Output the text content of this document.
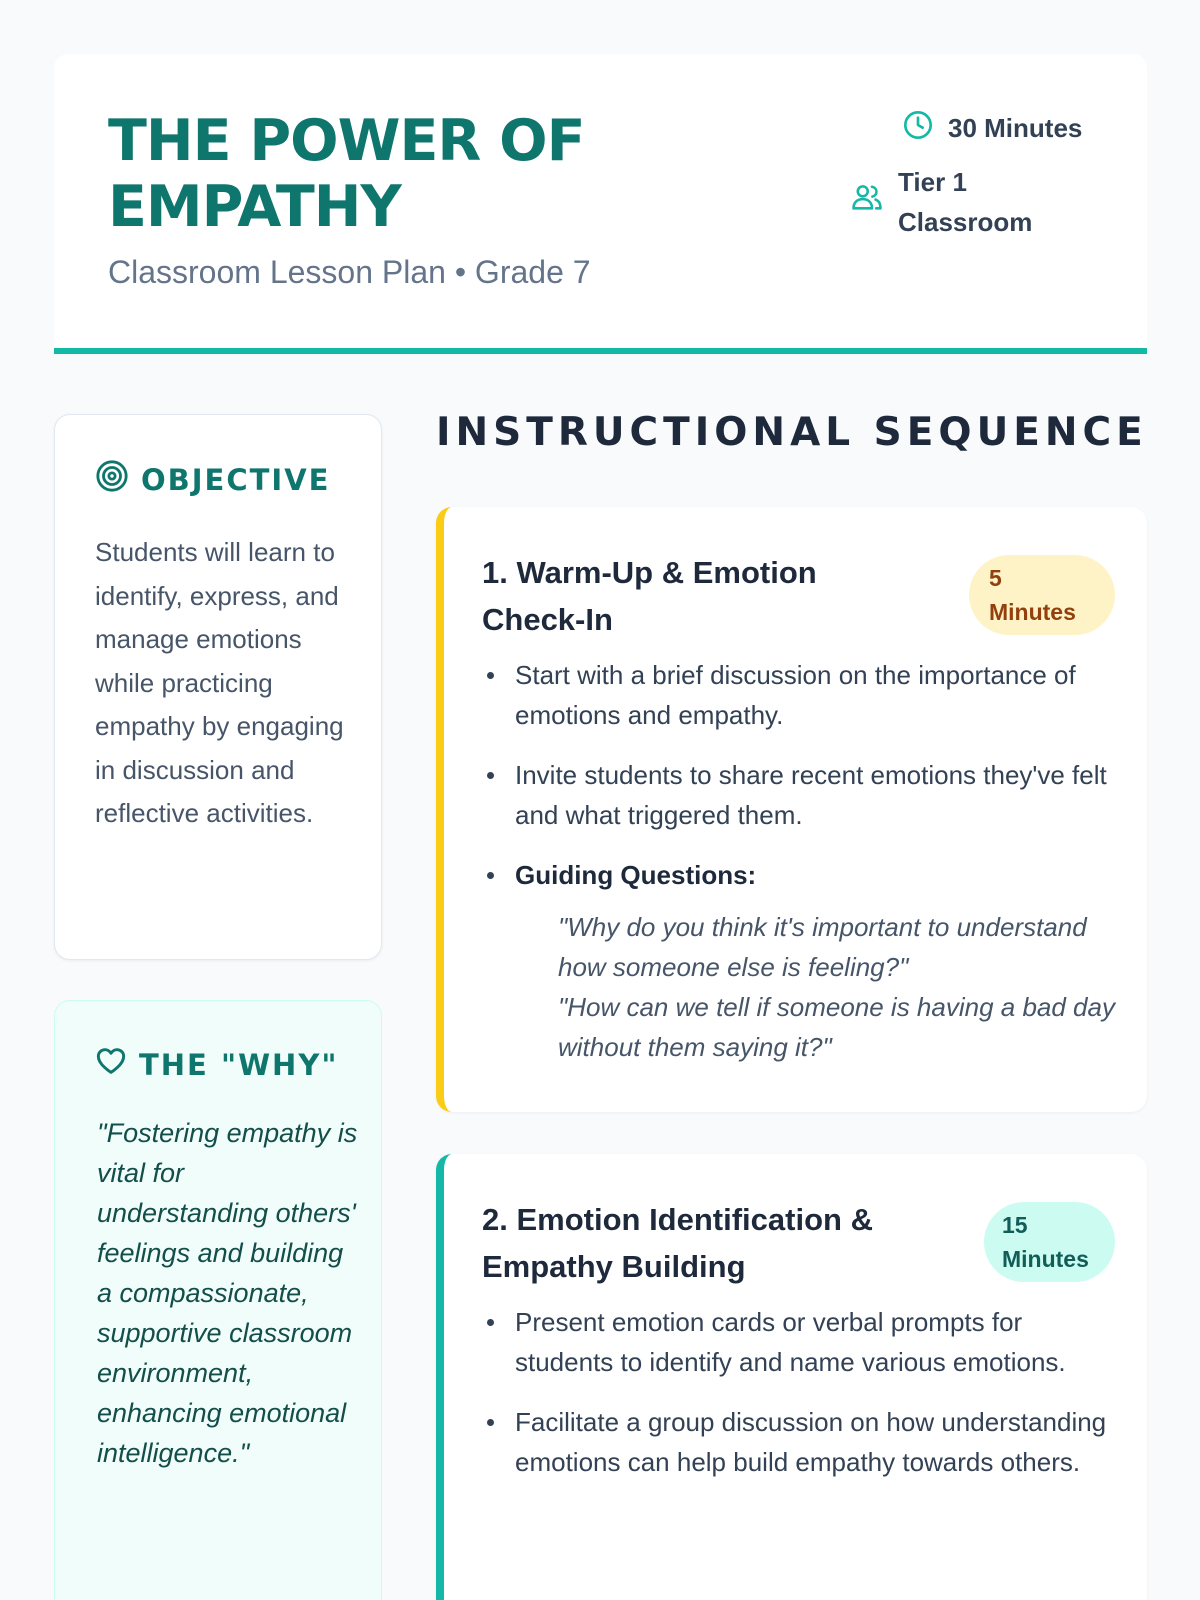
THE POWER OF EMPATHY
Classroom Lesson Plan • Grade 7
30 Minutes
Tier 1 Classroom
OBJECTIVE

Students will learn to identify, express, and manage emotions while practicing empathy by engaging in discussion and reflective activities.

THE "WHY"

"Fostering empathy is vital for understanding others' feelings and building a compassionate, supportive classroom environment, enhancing emotional intelligence."

INSTRUCTIONAL SEQUENCE
1. Warm-Up & Emotion Check-In
5
Minutes
Start with a brief discussion on the importance of emotions and empathy.
Invite students to share recent emotions they've felt and what triggered them.
Guiding Questions:
"Why do you think it's important to understand how someone else is feeling?"
"How can we tell if someone is having a bad day without them saying it?"
2. Emotion Identification & Empathy Building
15
Minutes
Present emotion cards or verbal prompts for students to identify and name various emotions.
Facilitate a group discussion on how understanding emotions can help build empathy towards others.
